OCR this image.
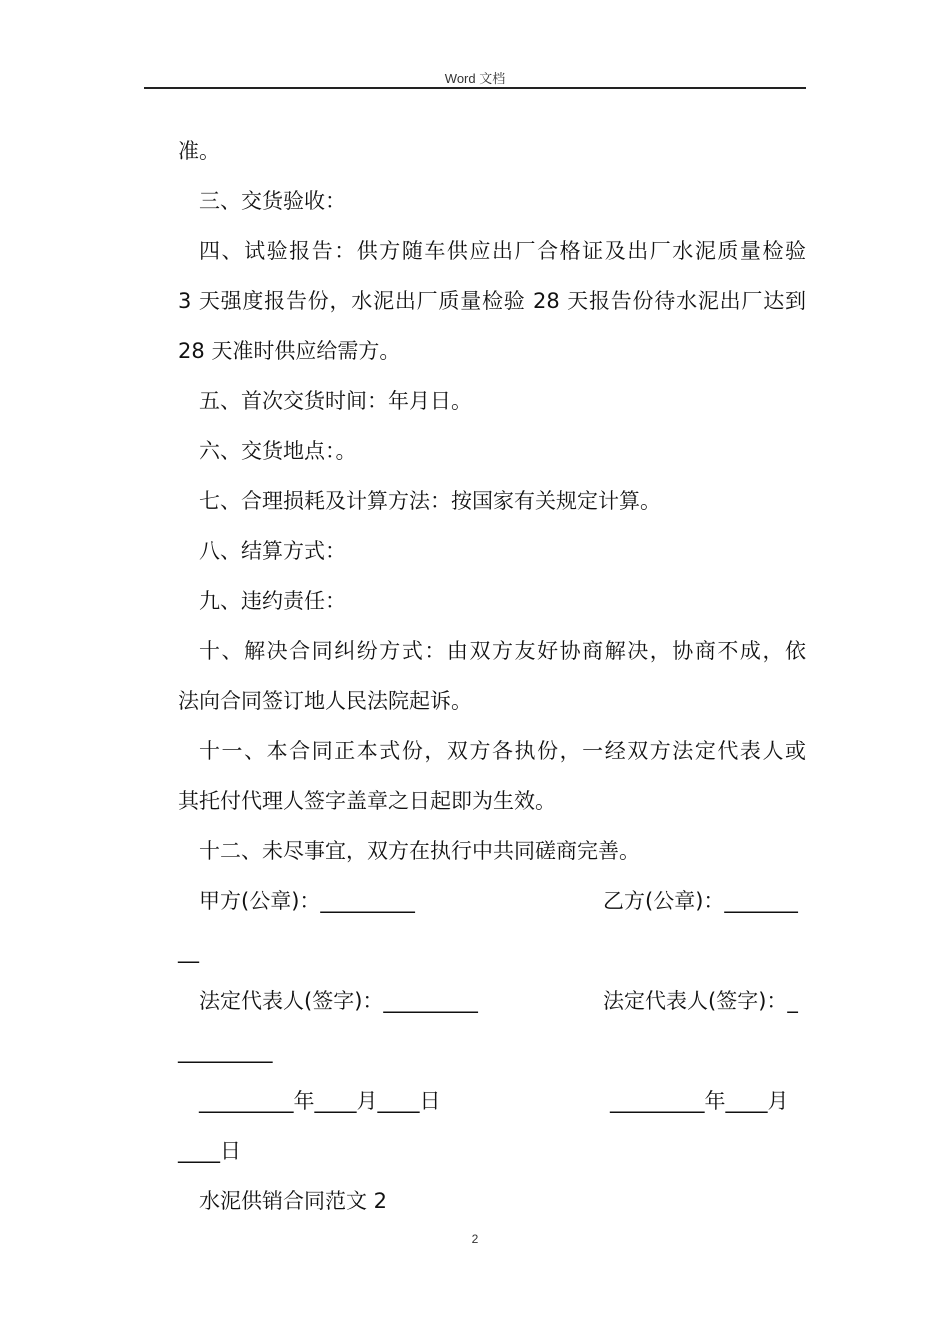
Word 文档
准。
三、交货验收：
四、试验报告：供方随车供应出厂合格证及出厂水泥质量检验
3 天强度报告份，水泥出厂质量检验 28 天报告份待水泥出厂达到
28 天准时供应给需方。
五、首次交货时间：年月日。
六、交货地点：。
七、合理损耗及计算方法：按国家有关规定计算。
八、结算方式：
九、违约责任：
十、解决合同纠纷方式：由双方友好协商解决，协商不成，依
法向合同签订地人民法院起诉。
十一、本合同正本式份，双方各执份，一经双方法定代表人或
其托付代理人签字盖章之日起即为生效。
十二、未尽事宜，双方在执行中共同磋商完善。
甲方(公章)：_________	乙方(公章)：_______
__
法定代表人(签字)：_________	法定代表人(签字)：_
_________
_________年____月____日	_________年____月
____日
水泥供销合同范文 2
2
